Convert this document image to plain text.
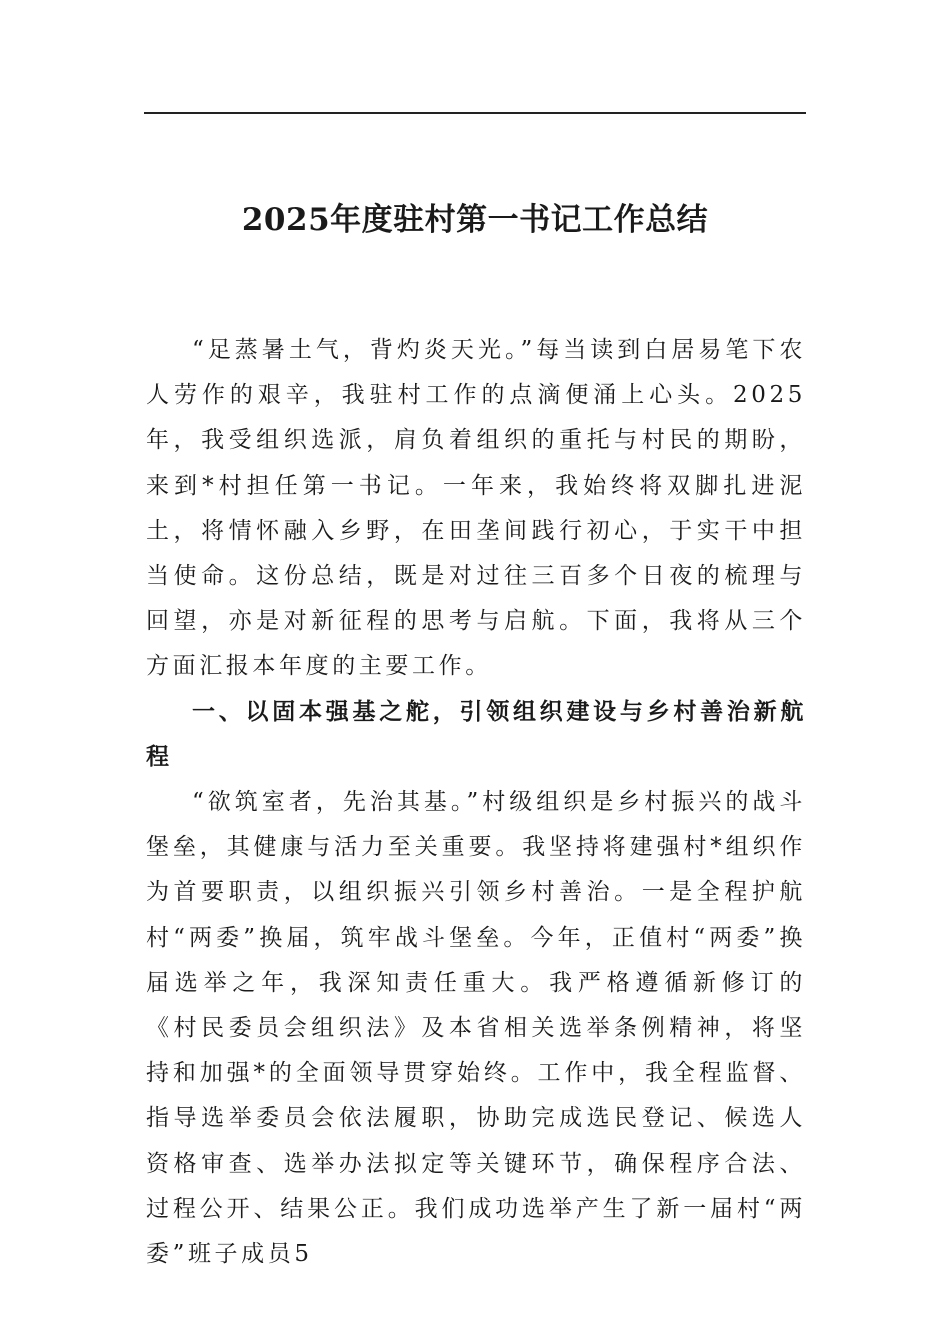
2025年度驻村第一书记工作总结

“足蒸暑土气，背灼炎天光。”每当读到白居易笔下农人劳作的艰辛，我驻村工作的点滴便涌上心头。2025年，我受组织选派，肩负着组织的重托与村民的期盼，来到*村担任第一书记。一年来，我始终将双脚扎进泥土，将情怀融入乡野，在田垄间践行初心，于实干中担当使命。这份总结，既是对过往三百多个日夜的梳理与回望，亦是对新征程的思考与启航。下面，我将从三个方面汇报本年度的主要工作。

一、以固本强基之舵，引领组织建设与乡村善治新航程

“欲筑室者，先治其基。”村级组织是乡村振兴的战斗堡垒，其健康与活力至关重要。我坚持将建强村*组织作为首要职责，以组织振兴引领乡村善治。一是全程护航村“两委”换届，筑牢战斗堡垒。今年，正值村“两委”换届选举之年，我深知责任重大。我严格遵循新修订的《村民委员会组织法》及本省相关选举条例精神，将坚持和加强*的全面领导贯穿始终。工作中，我全程监督、指导选举委员会依法履职，协助完成选民登记、候选人资格审查、选举办法拟定等关键环节，确保程序合法、过程公开、结果公正。我们成功选举产生了新一届村“两委”班子成员5
